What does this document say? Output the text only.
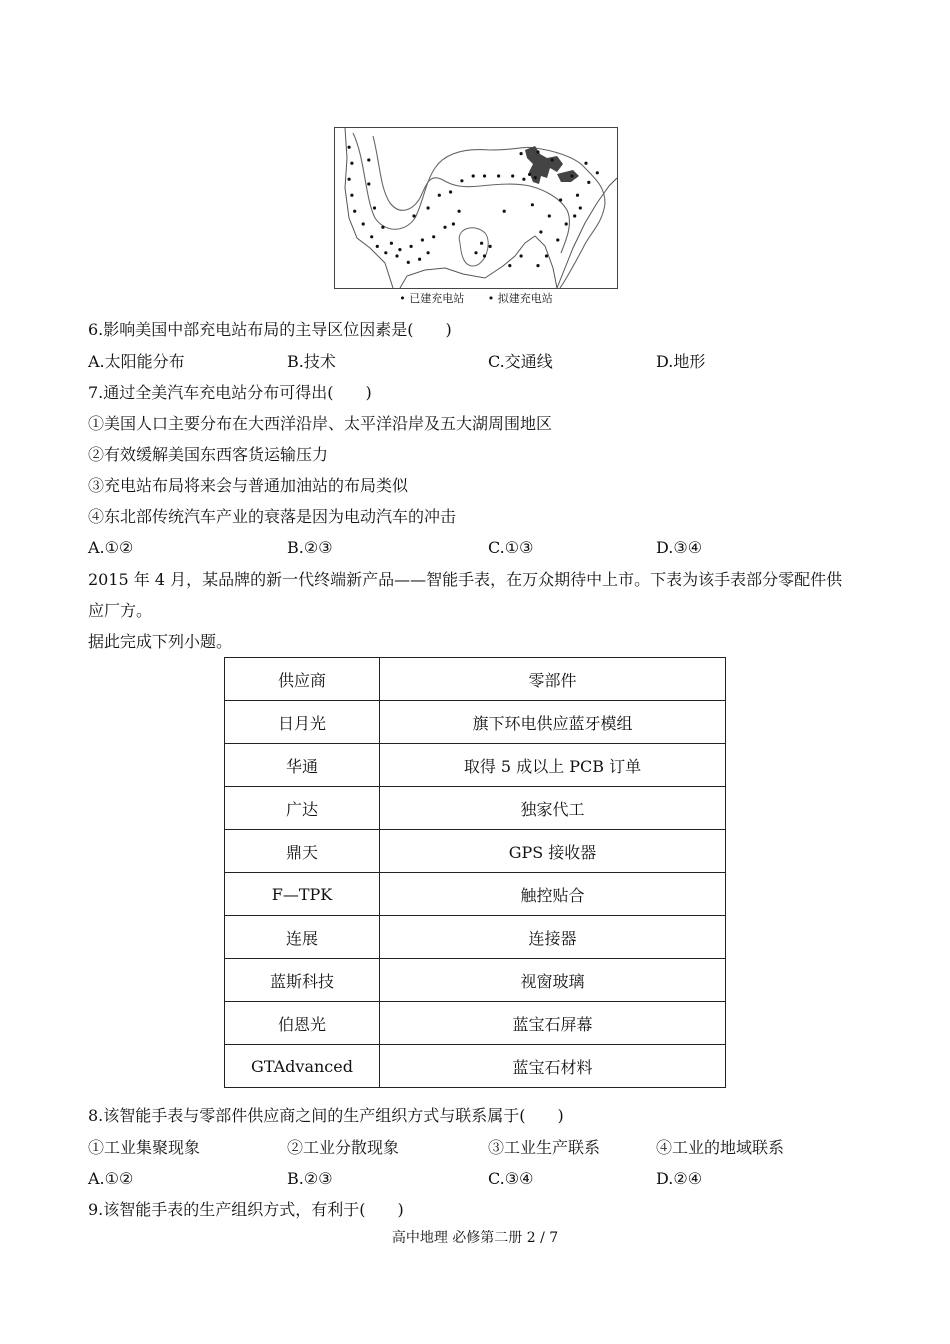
• 已建充电站 • 拟建充电站
6.影响美国中部充电站布局的主导区位因素是(　　)
A.太阳能分布	B.技术	C.交通线	D.地形
7.通过全美汽车充电站分布可得出(　　)
①美国人口主要分布在大西洋沿岸、太平洋沿岸及五大湖周围地区
②有效缓解美国东西客货运输压力
③充电站布局将来会与普通加油站的布局类似
④东北部传统汽车产业的衰落是因为电动汽车的冲击
A.①②	B.②③	C.①③	D.③④
2015 年 4 月，某品牌的新一代终端新产品——智能手表，在万众期待中上市。下表为该手表部分零配件供
应厂方。
据此完成下列小题。
供应商	零部件
日月光	旗下环电供应蓝牙模组
华通	取得 5 成以上 PCB 订单
广达	独家代工
鼎天	GPS 接收器
F—TPK	触控贴合
连展	连接器
蓝斯科技	视窗玻璃
伯恩光	蓝宝石屏幕
GTAdvanced	蓝宝石材料
8.该智能手表与零部件供应商之间的生产组织方式与联系属于(　　)
①工业集聚现象	②工业分散现象	③工业生产联系	④工业的地域联系
A.①②	B.②③	C.③④	D.②④
9.该智能手表的生产组织方式，有利于(　　)
高中地理 必修第二册 2 / 7
